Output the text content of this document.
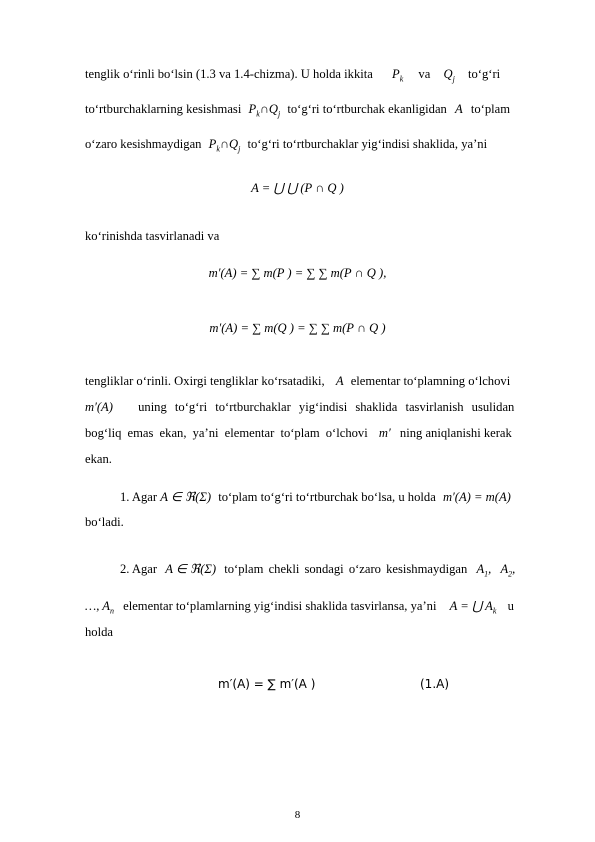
tenglik o‘rinli bo‘lsin (1.3 va 1.4-chizma). U holda ikkita $P_k$ va $Q_j$ to‘g‘ri
to‘rtburchaklarning kesishmasi $P_k\cap Q_j$ to‘g‘ri to‘rtburchak ekanligidan A to‘plam
o‘zaro kesishmaydigan $P_k\cap Q_j$ to‘g‘ri to‘rtburchaklar yig‘indisi shaklida, ya’ni
A = ⋃ ⋃ (P ∩ Q )
ko‘rinishda tasvirlanadi va
m′(A) = ∑ m(P ) = ∑ ∑ m(P ∩ Q ),
m′(A) = ∑ m(Q ) = ∑ ∑ m(P ∩ Q )
tengliklar o‘rinli. Oxirgi tengliklar ko‘rsatadiki, A elementar to‘plamning o‘lchovi
m′(A) uning to‘g‘ri to‘rtburchaklar yig‘indisi shaklida tasvirlanish usulidan
bog‘liq emas ekan, ya’ni elementar to‘plam o‘lchovi m′ ning aniqlanishi kerak
ekan.
1. Agar A ∈ ℜ(Σ) to‘plam to‘g‘ri to‘rtburchak bo‘lsa, u holda m′(A) = m(A)
bo‘ladi.
2. Agar A ∈ ℜ(Σ) to‘plam chekli sondagi o‘zaro kesishmaydigan $A_1$, $A_2$,
…, $A_n$ elementar to‘plamlarning yig‘indisi shaklida tasvirlansa, ya’ni A = ⋃ $A_k$ u
holda
m′(A) = ∑ m′(A )	(1.A)
8
